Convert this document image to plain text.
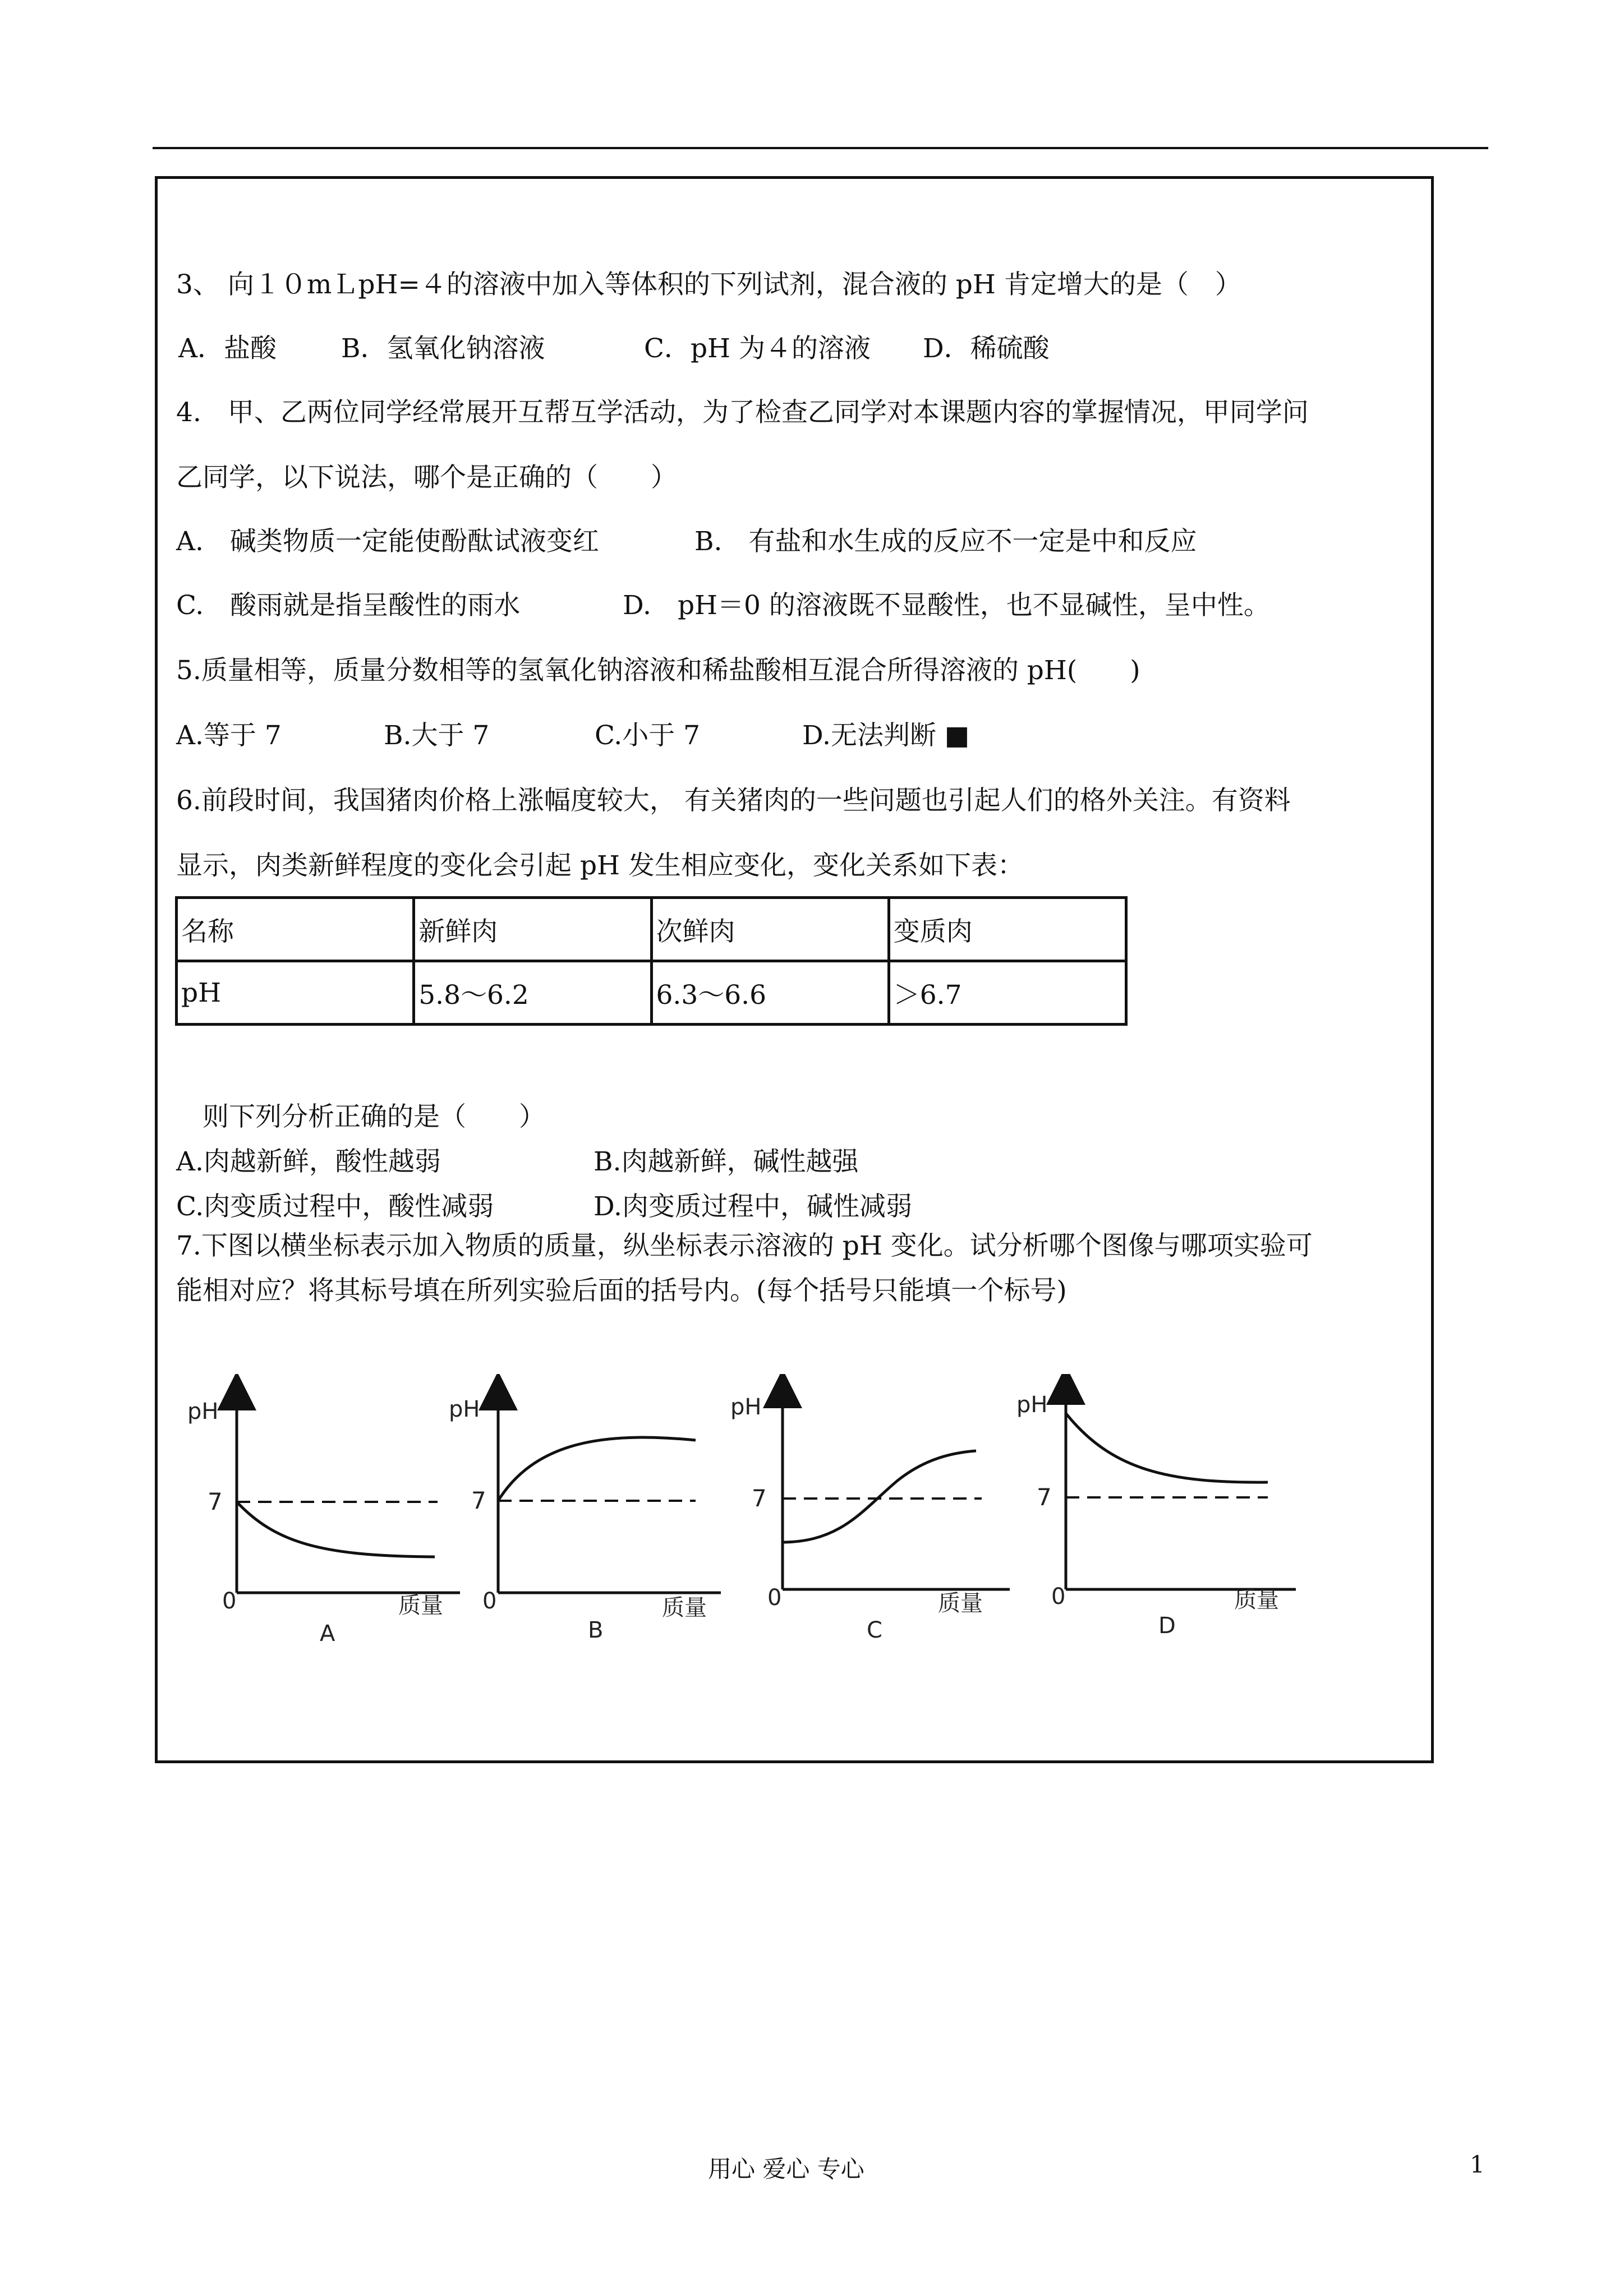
3、 向１０mＬpH=４的溶液中加入等体积的下列试剂，混合液的 pH 肯定增大的是（　）
A．盐酸 B．氢氧化钠溶液	C．pH 为４的溶液 D．稀硫酸
4.　甲、乙两位同学经常展开互帮互学活动，为了检查乙同学对本课题内容的掌握情况，甲同学问
乙同学，以下说法，哪个是正确的（　　）
A.　碱类物质一定能使酚酞试液变红	B.　有盐和水生成的反应不一定是中和反应
C.　酸雨就是指呈酸性的雨水	D.　pH＝0 的溶液既不显酸性，也不显碱性，呈中性。
5.质量相等，质量分数相等的氢氧化钠溶液和稀盐酸相互混合所得溶液的 pH(　　)
A.等于 7	B.大于 7	C.小于 7	D.无法判断 ■
6.前段时间，我国猪肉价格上涨幅度较大， 有关猪肉的一些问题也引起人们的格外关注。有资料
显示，肉类新鲜程度的变化会引起 pH 发生相应变化，变化关系如下表：
名称	新鲜肉	次鲜肉	变质肉
pH	5.8～6.2	6.3～6.6	＞6.7
　则下列分析正确的是（　　）
A.肉越新鲜，酸性越弱	B.肉越新鲜，碱性越强
C.肉变质过程中，酸性减弱	D.肉变质过程中，碱性减弱
7.下图以横坐标表示加入物质的质量，纵坐标表示溶液的 pH 变化。试分析哪个图像与哪项实验可
能相对应？将其标号填在所列实验后面的括号内。(每个括号只能填一个标号)
pH
7
0	质量
A
pH
7
0	质量
B
pH
7
0	质量
C
pH
7
0	质量
D
用心 爱心 专心	1
